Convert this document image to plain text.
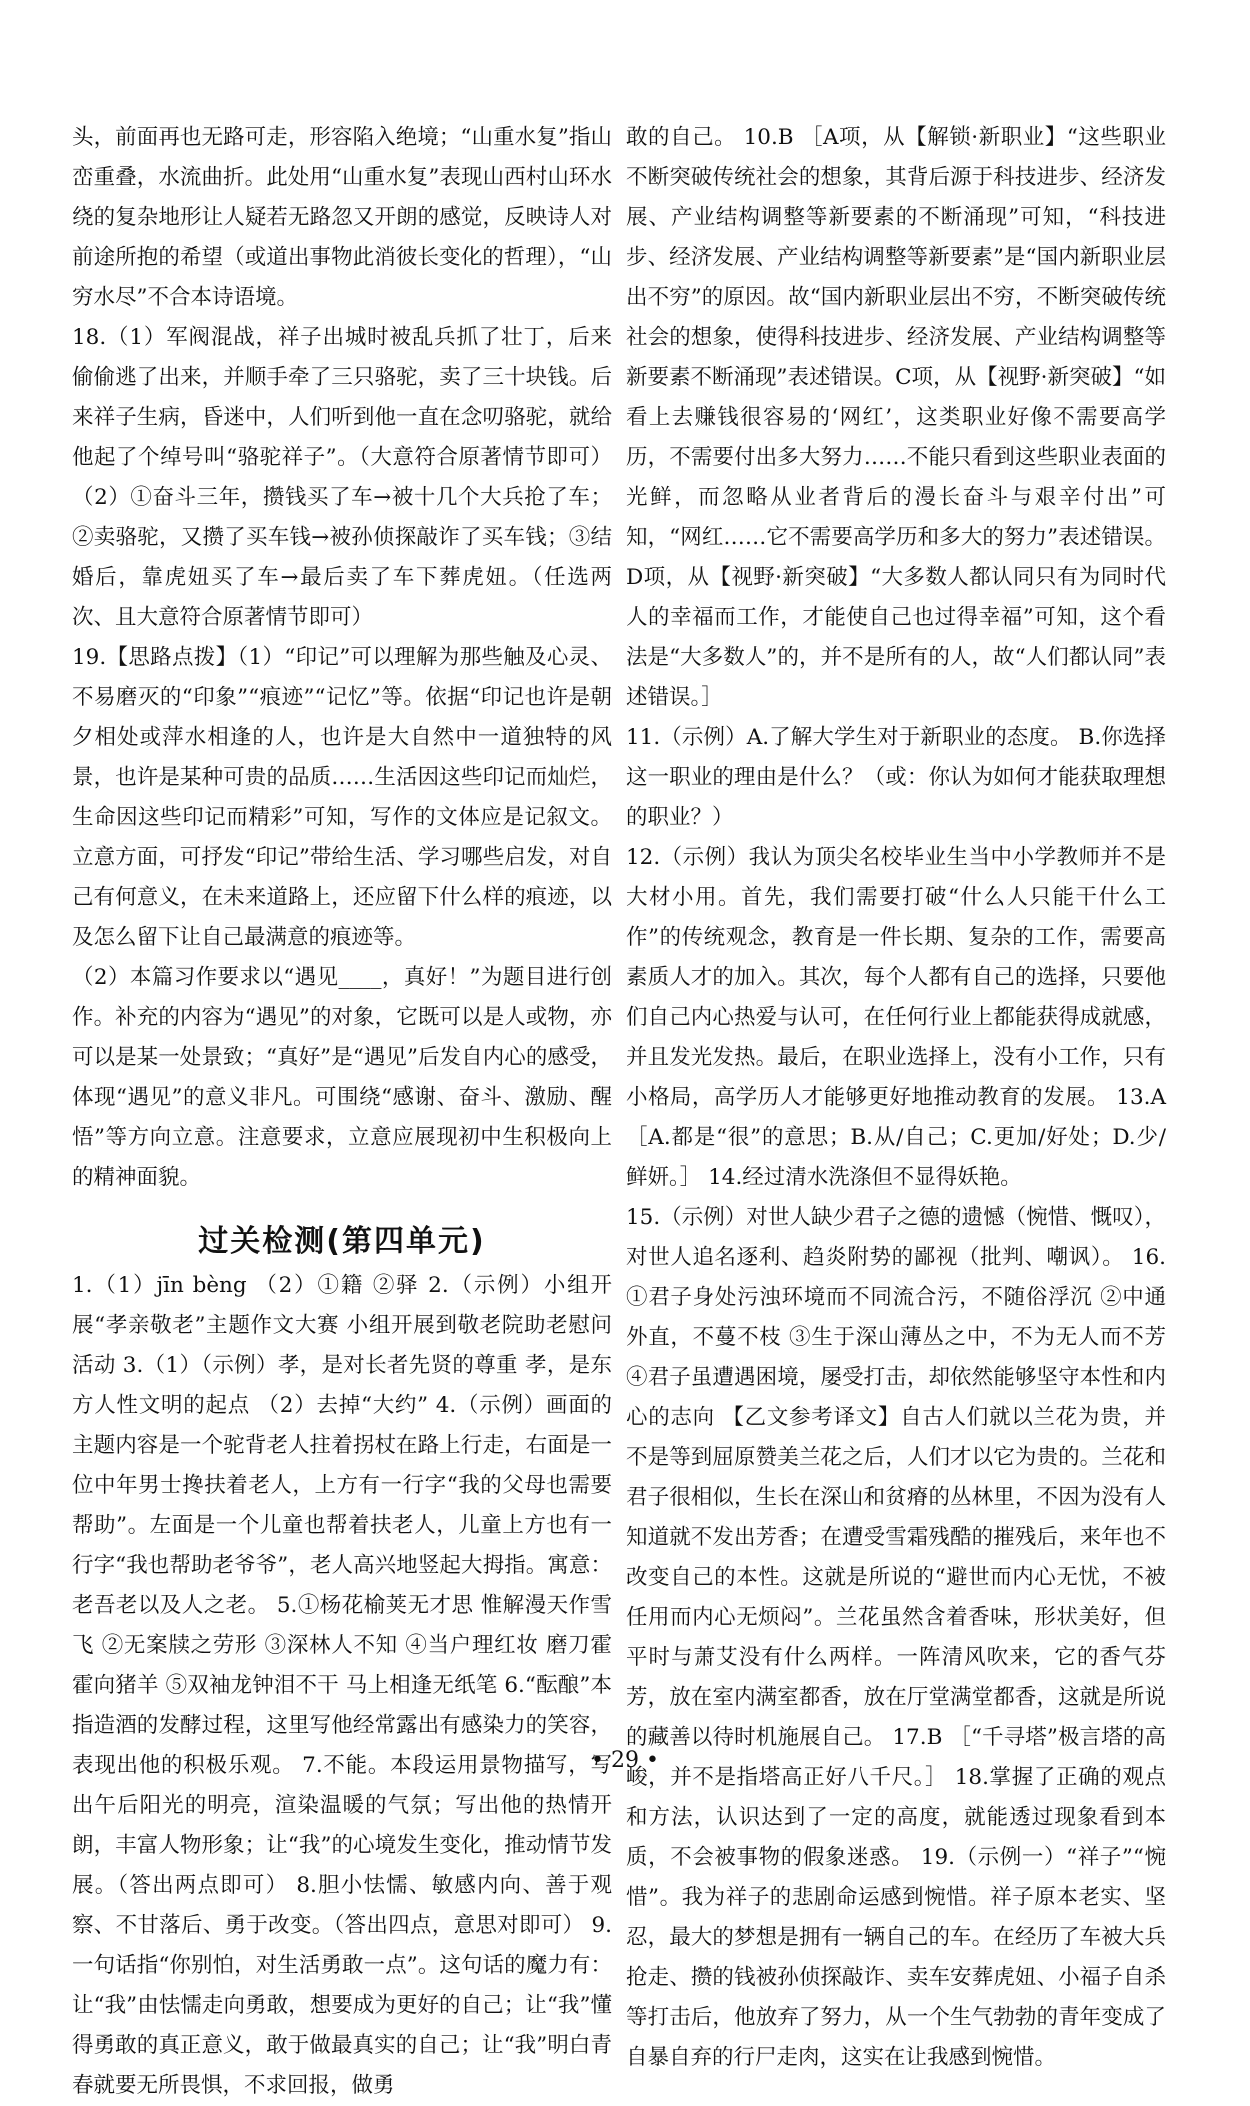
头，前面再也无路可走，形容陷入绝境；“山重水复”指山峦重叠，水流曲折。此处用“山重水复”表现山西村山环水绕的复杂地形让人疑若无路忽又开朗的感觉，反映诗人对前途所抱的希望（或道出事物此消彼长变化的哲理），“山穷水尽”不合本诗语境。

18.（1）军阀混战，祥子出城时被乱兵抓了壮丁，后来偷偷逃了出来，并顺手牵了三只骆驼，卖了三十块钱。后来祥子生病，昏迷中，人们听到他一直在念叨骆驼，就给他起了个绰号叫“骆驼祥子”。（大意符合原著情节即可）（2）①奋斗三年，攒钱买了车→被十几个大兵抢了车；②卖骆驼，又攒了买车钱→被孙侦探敲诈了买车钱；③结婚后，靠虎妞买了车→最后卖了车下葬虎妞。（任选两次、且大意符合原著情节即可）

19.【思路点拨】（1）“印记”可以理解为那些触及心灵、不易磨灭的“印象”“痕迹”“记忆”等。依据“印记也许是朝夕相处或萍水相逢的人，也许是大自然中一道独特的风景，也许是某种可贵的品质……生活因这些印记而灿烂，生命因这些印记而精彩”可知，写作的文体应是记叙文。立意方面，可抒发“印记”带给生活、学习哪些启发，对自己有何意义，在未来道路上，还应留下什么样的痕迹，以及怎么留下让自己最满意的痕迹等。

（2）本篇习作要求以“遇见____，真好！”为题目进行创作。补充的内容为“遇见”的对象，它既可以是人或物，亦可以是某一处景致；“真好”是“遇见”后发自内心的感受，体现“遇见”的意义非凡。可围绕“感谢、奋斗、激励、醒悟”等方向立意。注意要求，立意应展现初中生积极向上的精神面貌。

过关检测(第四单元)

1.（1）jīn bèng （2）①籍 ②驿 2.（示例）小组开展“孝亲敬老”主题作文大赛 小组开展到敬老院助老慰问活动 3.（1）（示例）孝，是对长者先贤的尊重 孝，是东方人性文明的起点 （2）去掉“大约” 4.（示例）画面的主题内容是一个驼背老人拄着拐杖在路上行走，右面是一位中年男士搀扶着老人，上方有一行字“我的父母也需要帮助”。左面是一个儿童也帮着扶老人，儿童上方也有一行字“我也帮助老爷爷”，老人高兴地竖起大拇指。寓意：老吾老以及人之老。 5.①杨花榆荚无才思 惟解漫天作雪飞 ②无案牍之劳形 ③深林人不知 ④当户理红妆 磨刀霍霍向猪羊 ⑤双袖龙钟泪不干 马上相逢无纸笔 6.“酝酿”本指造酒的发酵过程，这里写他经常露出有感染力的笑容，表现出他的积极乐观。 7.不能。本段运用景物描写，写出午后阳光的明亮，渲染温暖的气氛；写出他的热情开朗，丰富人物形象；让“我”的心境发生变化，推动情节发展。（答出两点即可） 8.胆小怯懦、敏感内向、善于观察、不甘落后、勇于改变。（答出四点，意思对即可） 9.一句话指“你别怕，对生活勇敢一点”。这句话的魔力有：让“我”由怯懦走向勇敢，想要成为更好的自己；让“我”懂得勇敢的真正意义，敢于做最真实的自己；让“我”明白青春就要无所畏惧，不求回报，做勇

敢的自己。 10.B ［A项，从【解锁·新职业】“这些职业不断突破传统社会的想象，其背后源于科技进步、经济发展、产业结构调整等新要素的不断涌现”可知，“科技进步、经济发展、产业结构调整等新要素”是“国内新职业层出不穷”的原因。故“国内新职业层出不穷，不断突破传统社会的想象，使得科技进步、经济发展、产业结构调整等新要素不断涌现”表述错误。C项，从【视野·新突破】“如看上去赚钱很容易的‘网红’，这类职业好像不需要高学历，不需要付出多大努力……不能只看到这些职业表面的光鲜，而忽略从业者背后的漫长奋斗与艰辛付出”可知，“网红……它不需要高学历和多大的努力”表述错误。D项，从【视野·新突破】“大多数人都认同只有为同时代人的幸福而工作，才能使自己也过得幸福”可知，这个看法是“大多数人”的，并不是所有的人，故“人们都认同”表述错误。］

11.（示例）A.了解大学生对于新职业的态度。 B.你选择这一职业的理由是什么？（或：你认为如何才能获取理想的职业？）

12.（示例）我认为顶尖名校毕业生当中小学教师并不是大材小用。首先，我们需要打破“什么人只能干什么工作”的传统观念，教育是一件长期、复杂的工作，需要高素质人才的加入。其次，每个人都有自己的选择，只要他们自己内心热爱与认可，在任何行业上都能获得成就感，并且发光发热。最后，在职业选择上，没有小工作，只有小格局，高学历人才能够更好地推动教育的发展。 13.A ［A.都是“很”的意思；B.从/自己；C.更加/好处；D.少/鲜妍。］ 14.经过清水洗涤但不显得妖艳。

15.（示例）对世人缺少君子之德的遗憾（惋惜、慨叹），对世人追名逐利、趋炎附势的鄙视（批判、嘲讽）。 16.①君子身处污浊环境而不同流合污，不随俗浮沉 ②中通外直，不蔓不枝 ③生于深山薄丛之中，不为无人而不芳 ④君子虽遭遇困境，屡受打击，却依然能够坚守本性和内心的志向 【乙文参考译文】自古人们就以兰花为贵，并不是等到屈原赞美兰花之后，人们才以它为贵的。兰花和君子很相似，生长在深山和贫瘠的丛林里，不因为没有人知道就不发出芳香；在遭受雪霜残酷的摧残后，来年也不改变自己的本性。这就是所说的“避世而内心无忧，不被任用而内心无烦闷”。兰花虽然含着香味，形状美好，但平时与萧艾没有什么两样。一阵清风吹来，它的香气芬芳，放在室内满室都香，放在厅堂满堂都香，这就是所说的藏善以待时机施展自己。 17.B ［“千寻塔”极言塔的高峻，并不是指塔高正好八千尺。］ 18.掌握了正确的观点和方法，认识达到了一定的高度，就能透过现象看到本质，不会被事物的假象迷惑。 19.（示例一）“祥子”“惋惜”。我为祥子的悲剧命运感到惋惜。祥子原本老实、坚忍，最大的梦想是拥有一辆自己的车。在经历了车被大兵抢走、攒的钱被孙侦探敲诈、卖车安葬虎妞、小福子自杀等打击后，他放弃了努力，从一个生气勃勃的青年变成了自暴自弃的行尸走肉，这实在让我感到惋惜。

• 29 •
